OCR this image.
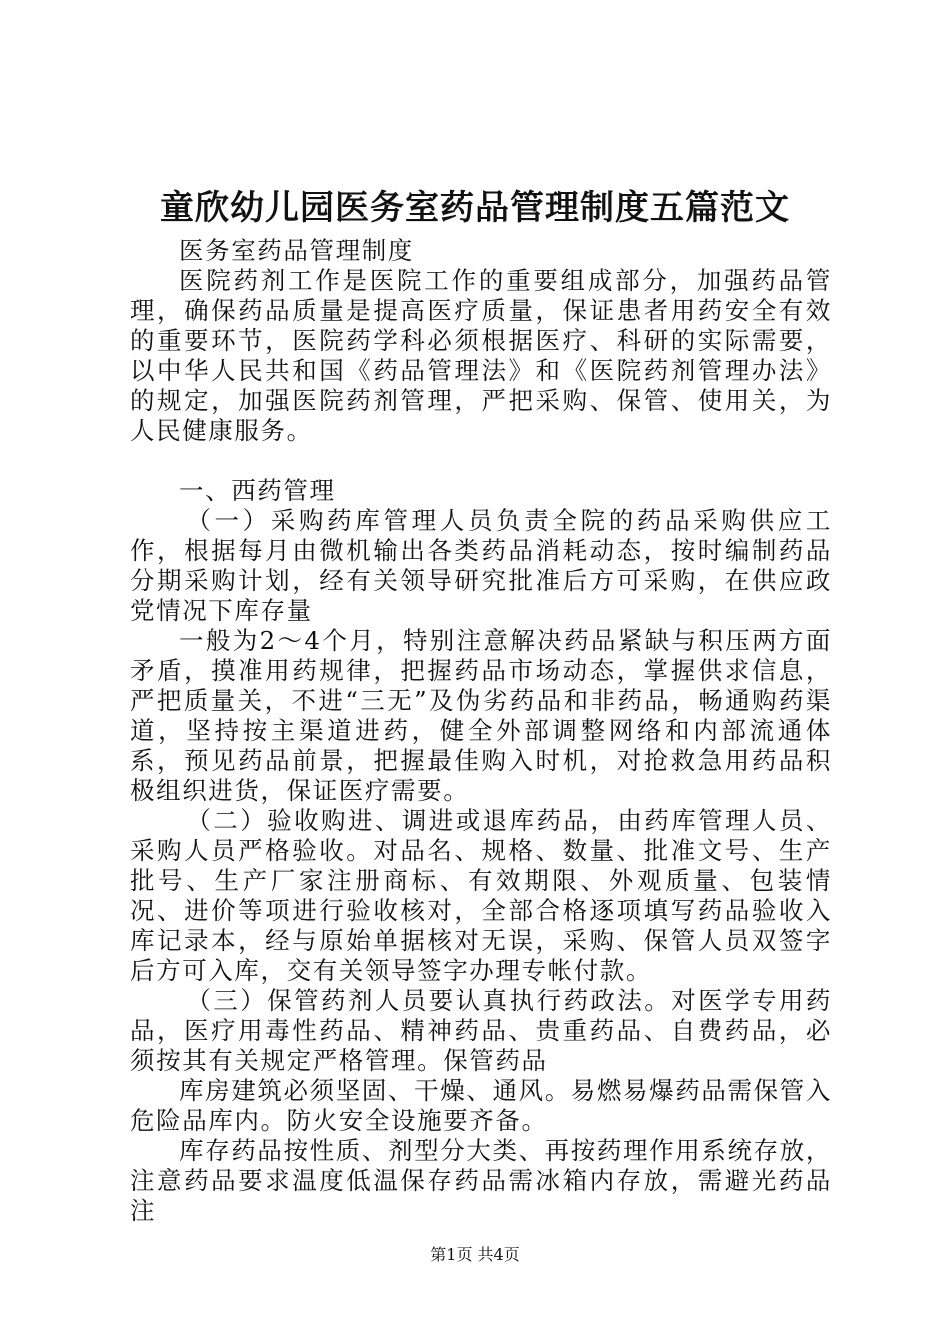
童欣幼儿园医务室药品管理制度五篇范文

医务室药品管理制度

医院药剂工作是医院工作的重要组成部分，加强药品管理，确保药品质量是提高医疗质量，保证患者用药安全有效的重要环节，医院药学科必须根据医疗、科研的实际需要，以中华人民共和国《药品管理法》和《医院药剂管理办法》的规定，加强医院药剂管理，严把采购、保管、使用关，为人民健康服务。

一、西药管理

（一）采购药库管理人员负责全院的药品采购供应工作，根据每月由微机输出各类药品消耗动态，按时编制药品分期采购计划，经有关领导研究批准后方可采购，在供应政党情况下库存量

一般为2～4个月，特别注意解决药品紧缺与积压两方面矛盾，摸准用药规律，把握药品市场动态，掌握供求信息，严把质量关，不进“三无”及伪劣药品和非药品，畅通购药渠道，坚持按主渠道进药，健全外部调整网络和内部流通体系，预见药品前景，把握最佳购入时机，对抢救急用药品积极组织进货，保证医疗需要。

（二）验收购进、调进或退库药品，由药库管理人员、采购人员严格验收。对品名、规格、数量、批准文号、生产批号、生产厂家注册商标、有效期限、外观质量、包装情况、进价等项进行验收核对，全部合格逐项填写药品验收入库记录本，经与原始单据核对无误，采购、保管人员双签字后方可入库，交有关领导签字办理专帐付款。

（三）保管药剂人员要认真执行药政法。对医学专用药品，医疗用毒性药品、精神药品、贵重药品、自费药品，必须按其有关规定严格管理。保管药品

库房建筑必须坚固、干燥、通风。易燃易爆药品需保管入危险品库内。防火安全设施要齐备。

库存药品按性质、剂型分大类、再按药理作用系统存放，注意药品要求温度低温保存药品需冰箱内存放，需避光药品注

第1页 共4页
